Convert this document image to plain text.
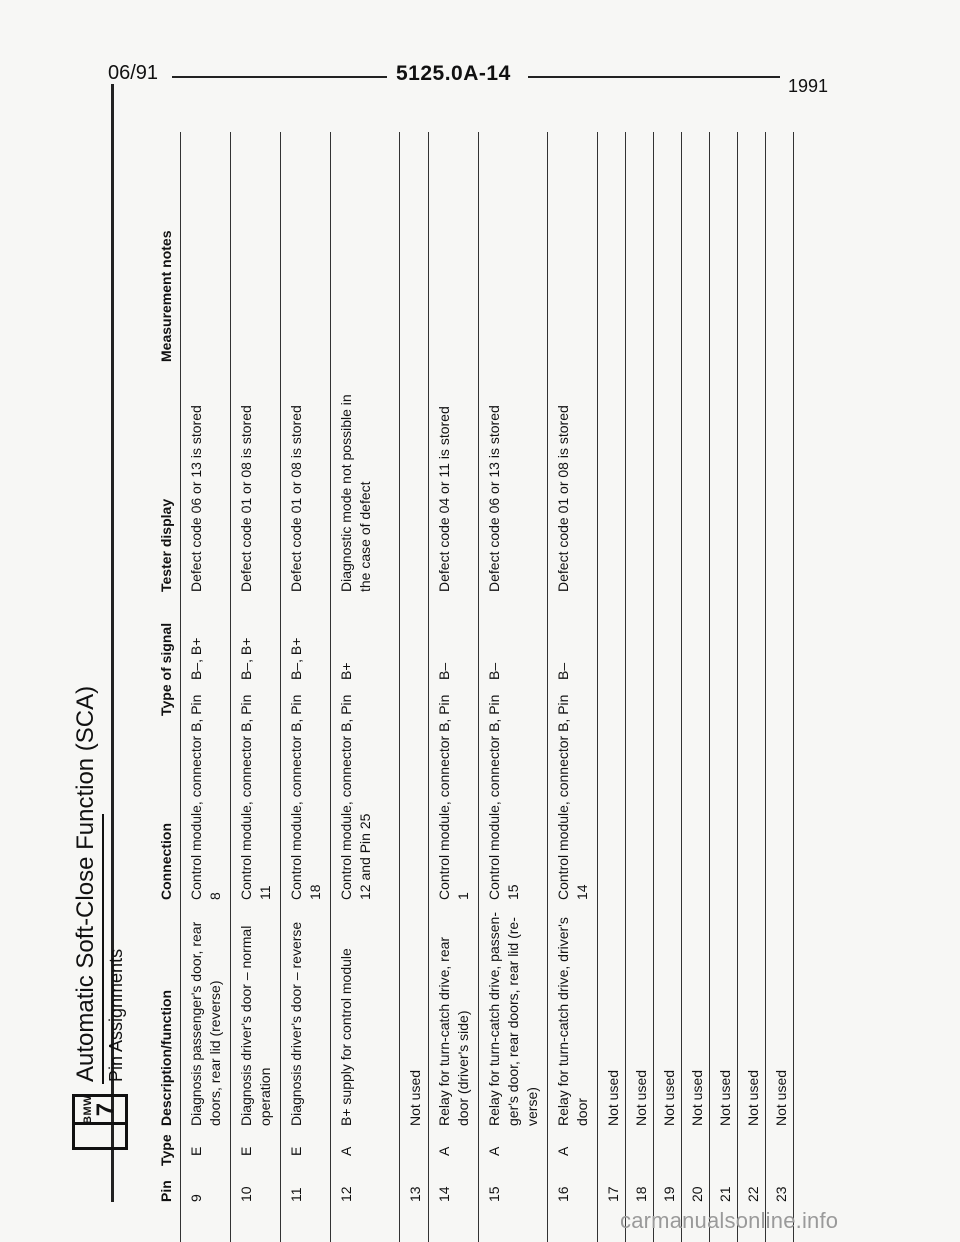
06/91	5125.0A-14
1991
BMW
7
Automatic Soft-Close Function (SCA) Pin Assignments
Pin
Type
Description/function
Connection
Type of signal
Tester display
Measurement notes
9
E
Diagnosis passenger's door, rear doors, rear lid (reverse)
Control module, connector B, Pin 8
B–, B+
Defect code 06 or 13 is stored
10
E
Diagnosis driver's door – normal operation
Control module, connector B, Pin 11
B–, B+
Defect code 01 or 08 is stored
11
E
Diagnosis driver's door – reverse
Control module, connector B, Pin 18
B–, B+
Defect code 01 or 08 is stored
12
A
B+ supply for control module
Control module, connector B, Pin 12 and Pin 25
B+
Diagnostic mode not possible in the case of defect
13
Not used
14
A
Relay for turn-catch drive, rear door (driver's side)
Control module, connector B, Pin 1
B–
Defect code 04 or 11 is stored
15
A
Relay for turn-catch drive, passen-
ger's door, rear doors, rear lid (re-
verse)
Control module, connector B, Pin 15
B–
Defect code 06 or 13 is stored
16
A
Relay for turn-catch drive, driver's door
Control module, connector B, Pin 14
B–
Defect code 01 or 08 is stored
17
Not used
18
Not used
19
Not used
20
Not used
21
Not used
22
Not used
23
Not used
carmanualsonline.info
